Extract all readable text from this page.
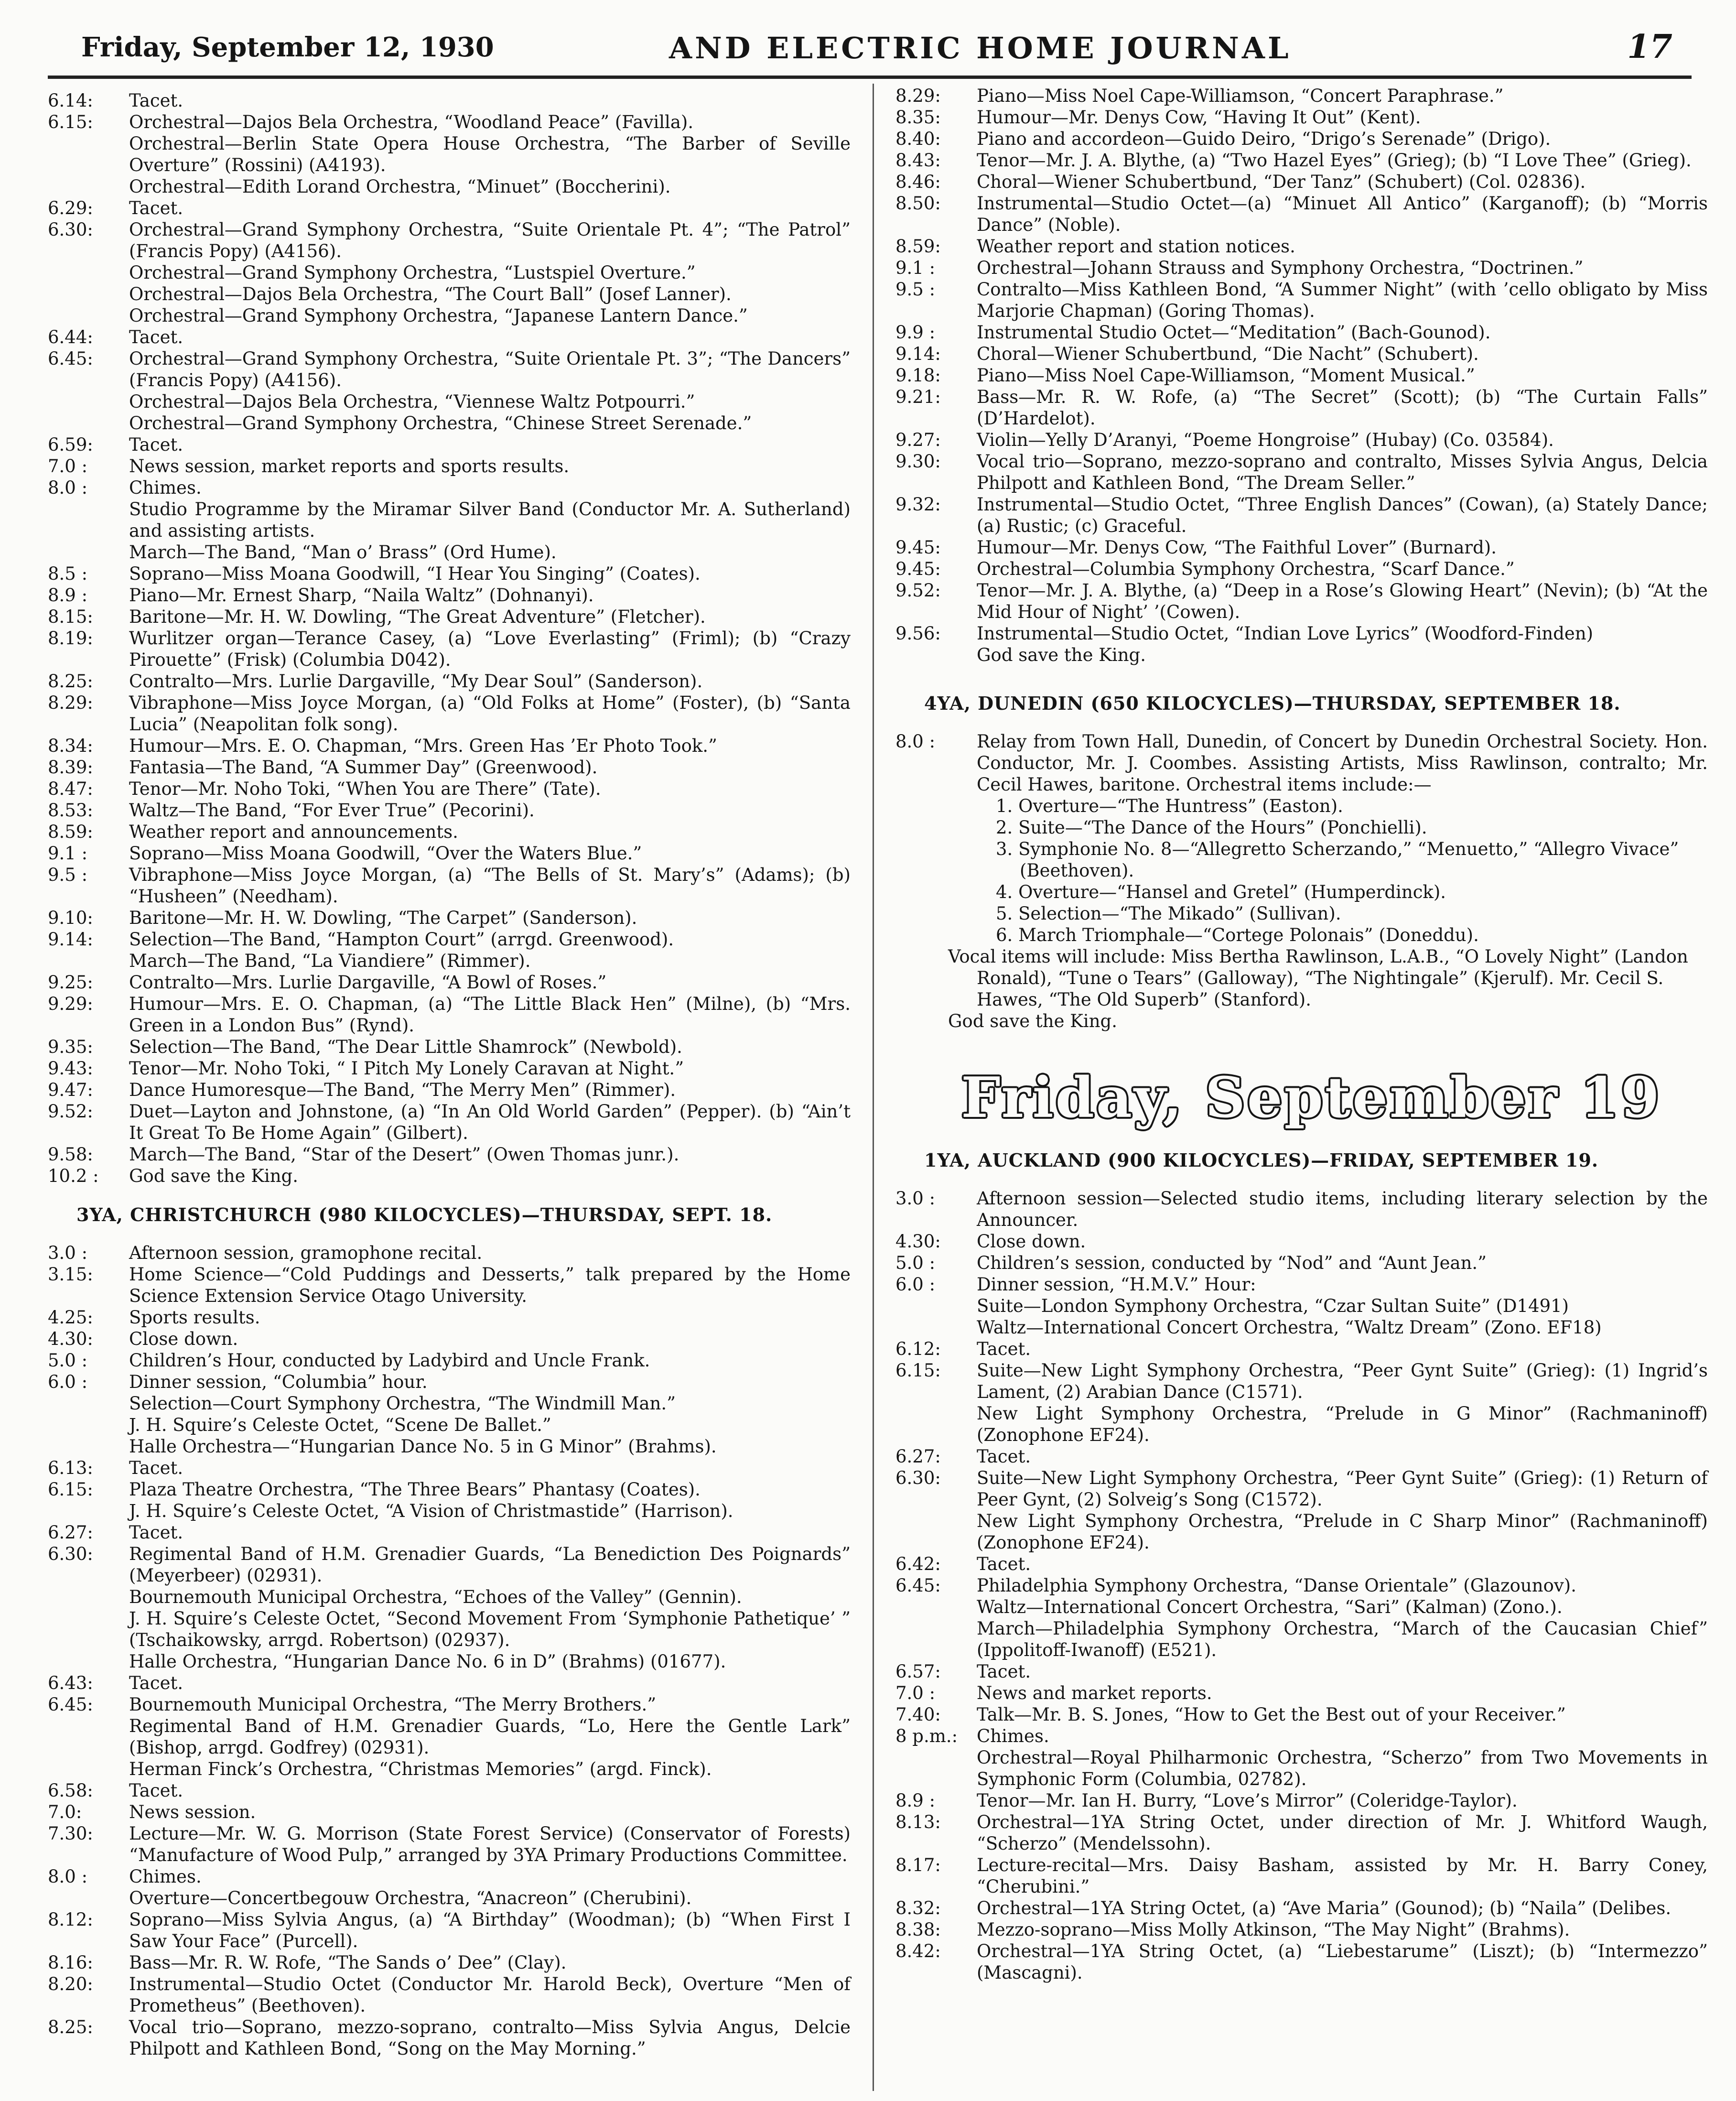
Friday, September 12, 1930	AND ELECTRIC HOME JOURNAL	17
6.14:	Tacet.
6.15:	Orchestral—Dajos Bela Orchestra, “Woodland Peace” (Favilla).
Orchestral—Berlin State Opera House Orchestra, “The Barber of Seville Overture” (Rossini) (A4193).
Orchestral—Edith Lorand Orchestra, “Minuet” (Boccherini).
6.29:	Tacet.
6.30:	Orchestral—Grand Symphony Orchestra, “Suite Orientale Pt. 4”; “The Patrol” (Francis Popy) (A4156).
Orchestral—Grand Symphony Orchestra, “Lustspiel Overture.”
Orchestral—Dajos Bela Orchestra, “The Court Ball” (Josef Lanner).
Orchestral—Grand Symphony Orchestra, “Japanese Lantern Dance.”
6.44:	Tacet.
6.45:	Orchestral—Grand Symphony Orchestra, “Suite Orientale Pt. 3”; “The Dancers” (Francis Popy) (A4156).
Orchestral—Dajos Bela Orchestra, “Viennese Waltz Potpourri.”
Orchestral—Grand Symphony Orchestra, “Chinese Street Serenade.”
6.59:	Tacet.
7.0 :	News session, market reports and sports results.
8.0 :	Chimes.
Studio Programme by the Miramar Silver Band (Conductor Mr. A. Sutherland) and assisting artists.
March—The Band, “Man o’ Brass” (Ord Hume).
8.5 :	Soprano—Miss Moana Goodwill, “I Hear You Singing” (Coates).
8.9 :	Piano—Mr. Ernest Sharp, “Naila Waltz” (Dohnanyi).
8.15:	Baritone—Mr. H. W. Dowling, “The Great Adventure” (Fletcher).
8.19:	Wurlitzer organ—Terance Casey, (a) “Love Everlasting” (Friml); (b) “Crazy Pirouette” (Frisk) (Columbia D042).
8.25:	Contralto—Mrs. Lurlie Dargaville, “My Dear Soul” (Sanderson).
8.29:	Vibraphone—Miss Joyce Morgan, (a) “Old Folks at Home” (Foster), (b) “Santa Lucia” (Neapolitan folk song).
8.34:	Humour—Mrs. E. O. Chapman, “Mrs. Green Has ’Er Photo Took.”
8.39:	Fantasia—The Band, “A Summer Day” (Greenwood).
8.47:	Tenor—Mr. Noho Toki, “When You are There” (Tate).
8.53:	Waltz—The Band, “For Ever True” (Pecorini).
8.59:	Weather report and announcements.
9.1 :	Soprano—Miss Moana Goodwill, “Over the Waters Blue.”
9.5 :	Vibraphone—Miss Joyce Morgan, (a) “The Bells of St. Mary’s” (Adams); (b) “Husheen” (Needham).
9.10:	Baritone—Mr. H. W. Dowling, “The Carpet” (Sanderson).
9.14:	Selection—The Band, “Hampton Court” (arrgd. Greenwood).
March—The Band, “La Viandiere” (Rimmer).
9.25:	Contralto—Mrs. Lurlie Dargaville, “A Bowl of Roses.”
9.29:	Humour—Mrs. E. O. Chapman, (a) “The Little Black Hen” (Milne), (b) “Mrs. Green in a London Bus” (Rynd).
9.35:	Selection—The Band, “The Dear Little Shamrock” (Newbold).
9.43:	Tenor—Mr. Noho Toki, “ I Pitch My Lonely Caravan at Night.”
9.47:	Dance Humoresque—The Band, “The Merry Men” (Rimmer).
9.52:	Duet—Layton and Johnstone, (a) “In An Old World Garden” (Pepper). (b) “Ain’t It Great To Be Home Again” (Gilbert).
9.58:	March—The Band, “Star of the Desert” (Owen Thomas junr.).
10.2 :	God save the King.
3YA, CHRISTCHURCH (980 KILOCYCLES)—THURSDAY, SEPT. 18.
3.0 :	Afternoon session, gramophone recital.
3.15:	Home Science—“Cold Puddings and Desserts,” talk prepared by the Home Science Extension Service Otago University.
4.25:	Sports results.
4.30:	Close down.
5.0 :	Children’s Hour, conducted by Ladybird and Uncle Frank.
6.0 :	Dinner session, “Columbia” hour.
Selection—Court Symphony Orchestra, “The Windmill Man.”
J. H. Squire’s Celeste Octet, “Scene De Ballet.”
Halle Orchestra—“Hungarian Dance No. 5 in G Minor” (Brahms).
6.13:	Tacet.
6.15:	Plaza Theatre Orchestra, “The Three Bears” Phantasy (Coates).
J. H. Squire’s Celeste Octet, “A Vision of Christmastide” (Harrison).
6.27:	Tacet.
6.30:	Regimental Band of H.M. Grenadier Guards, “La Benediction Des Poignards” (Meyerbeer) (02931).
Bournemouth Municipal Orchestra, “Echoes of the Valley” (Gennin).
J. H. Squire’s Celeste Octet, “Second Movement From ‘Symphonie Pathetique’ ” (Tschaikowsky, arrgd. Robertson) (02937).
Halle Orchestra, “Hungarian Dance No. 6 in D” (Brahms) (01677).
6.43:	Tacet.
6.45:	Bournemouth Municipal Orchestra, “The Merry Brothers.”
Regimental Band of H.M. Grenadier Guards, “Lo, Here the Gentle Lark” (Bishop, arrgd. Godfrey) (02931).
Herman Finck’s Orchestra, “Christmas Memories” (argd. Finck).
6.58:	Tacet.
7.0:	News session.
7.30:	Lecture—Mr. W. G. Morrison (State Forest Service) (Conservator of Forests) “Manufacture of Wood Pulp,” arranged by 3YA Primary Productions Committee.
8.0 :	Chimes.
Overture—Concertbegouw Orchestra, “Anacreon” (Cherubini).
8.12:	Soprano—Miss Sylvia Angus, (a) “A Birthday” (Woodman); (b) “When First I Saw Your Face” (Purcell).
8.16:	Bass—Mr. R. W. Rofe, “The Sands o’ Dee” (Clay).
8.20:	Instrumental—Studio Octet (Conductor Mr. Harold Beck), Overture “Men of Prometheus” (Beethoven).
8.25:	Vocal trio—Soprano, mezzo-soprano, contralto—Miss Sylvia Angus, Delcie Philpott and Kathleen Bond, “Song on the May Morning.”
8.29:	Piano—Miss Noel Cape-Williamson, “Concert Paraphrase.”
8.35:	Humour—Mr. Denys Cow, “Having It Out” (Kent).
8.40:	Piano and accordeon—Guido Deiro, “Drigo’s Serenade” (Drigo).
8.43:	Tenor—Mr. J. A. Blythe, (a) “Two Hazel Eyes” (Grieg); (b) “I Love Thee” (Grieg).
8.46:	Choral—Wiener Schubertbund, “Der Tanz” (Schubert) (Col. 02836).
8.50:	Instrumental—Studio Octet—(a) “Minuet All Antico” (Karganoff); (b) “Morris Dance” (Noble).
8.59:	Weather report and station notices.
9.1 :	Orchestral—Johann Strauss and Symphony Orchestra, “Doctrinen.”
9.5 :	Contralto—Miss Kathleen Bond, “A Summer Night” (with ’cello obligato by Miss Marjorie Chapman) (Goring Thomas).
9.9 :	Instrumental Studio Octet—“Meditation” (Bach-Gounod).
9.14:	Choral—Wiener Schubertbund, “Die Nacht” (Schubert).
9.18:	Piano—Miss Noel Cape-Williamson, “Moment Musical.”
9.21:	Bass—Mr. R. W. Rofe, (a) “The Secret” (Scott); (b) “The Curtain Falls” (D’Hardelot).
9.27:	Violin—Yelly D’Aranyi, “Poeme Hongroise” (Hubay) (Co. 03584).
9.30:	Vocal trio—Soprano, mezzo-soprano and contralto, Misses Sylvia Angus, Delcia Philpott and Kathleen Bond, “The Dream Seller.”
9.32:	Instrumental—Studio Octet, “Three English Dances” (Cowan), (a) Stately Dance; (a) Rustic; (c) Graceful.
9.45:	Humour—Mr. Denys Cow, “The Faithful Lover” (Burnard).
9.45:	Orchestral—Columbia Symphony Orchestra, “Scarf Dance.”
9.52:	Tenor—Mr. J. A. Blythe, (a) “Deep in a Rose’s Glowing Heart” (Nevin); (b) “At the Mid Hour of Night’ ’(Cowen).
9.56:	Instrumental—Studio Octet, “Indian Love Lyrics” (Woodford-Finden)
God save the King.
4YA, DUNEDIN (650 KILOCYCLES)—THURSDAY, SEPTEMBER 18.
8.0 :	Relay from Town Hall, Dunedin, of Concert by Dunedin Orchestral Society. Hon. Conductor, Mr. J. Coombes. Assisting Artists, Miss Rawlinson, contralto; Mr. Cecil Hawes, baritone. Orchestral items include:—
1. Overture—“The Huntress” (Easton).
2. Suite—“The Dance of the Hours” (Ponchielli).
3. Symphonie No. 8—“Allegretto Scherzando,” “Menuetto,” “Allegro Vivace” (Beethoven).
4. Overture—“Hansel and Gretel” (Humperdinck).
5. Selection—“The Mikado” (Sullivan).
6. March Triomphale—“Cortege Polonais” (Doneddu).
Vocal items will include: Miss Bertha Rawlinson, L.A.B., “O Lovely Night” (Landon Ronald), “Tune o Tears” (Galloway), “The Nightingale” (Kjerulf). Mr. Cecil S. Hawes, “The Old Superb” (Stanford).
God save the King.
Friday, September 19
1YA, AUCKLAND (900 KILOCYCLES)—FRIDAY, SEPTEMBER 19.
3.0 :	Afternoon session—Selected studio items, including literary selection by the Announcer.
4.30:	Close down.
5.0 :	Children’s session, conducted by “Nod” and “Aunt Jean.”
6.0 :	Dinner session, “H.M.V.” Hour:
Suite—London Symphony Orchestra, “Czar Sultan Suite” (D1491)
Waltz—International Concert Orchestra, “Waltz Dream” (Zono. EF18)
6.12:	Tacet.
6.15:	Suite—New Light Symphony Orchestra, “Peer Gynt Suite” (Grieg): (1) Ingrid’s Lament, (2) Arabian Dance (C1571).
New Light Symphony Orchestra, “Prelude in G Minor” (Rachmaninoff) (Zonophone EF24).
6.27:	Tacet.
6.30:	Suite—New Light Symphony Orchestra, “Peer Gynt Suite” (Grieg): (1) Return of Peer Gynt, (2) Solveig’s Song (C1572).
New Light Symphony Orchestra, “Prelude in C Sharp Minor” (Rachmaninoff) (Zonophone EF24).
6.42:	Tacet.
6.45:	Philadelphia Symphony Orchestra, “Danse Orientale” (Glazounov).
Waltz—International Concert Orchestra, “Sari” (Kalman) (Zono.).
March—Philadelphia Symphony Orchestra, “March of the Caucasian Chief” (Ippolitoff-Iwanoff) (E521).
6.57:	Tacet.
7.0 :	News and market reports.
7.40:	Talk—Mr. B. S. Jones, “How to Get the Best out of your Receiver.”
8 p.m.:	Chimes.
Orchestral—Royal Philharmonic Orchestra, “Scherzo” from Two Movements in Symphonic Form (Columbia, 02782).
8.9 :	Tenor—Mr. Ian H. Burry, “Love’s Mirror” (Coleridge-Taylor).
8.13:	Orchestral—1YA String Octet, under direction of Mr. J. Whitford Waugh, “Scherzo” (Mendelssohn).
8.17:	Lecture-recital—Mrs. Daisy Basham, assisted by Mr. H. Barry Coney, “Cherubini.”
8.32:	Orchestral—1YA String Octet, (a) “Ave Maria” (Gounod); (b) “Naila” (Delibes.
8.38:	Mezzo-soprano—Miss Molly Atkinson, “The May Night” (Brahms).
8.42:	Orchestral—1YA String Octet, (a) “Liebestarume” (Liszt); (b) “Intermezzo” (Mascagni).
